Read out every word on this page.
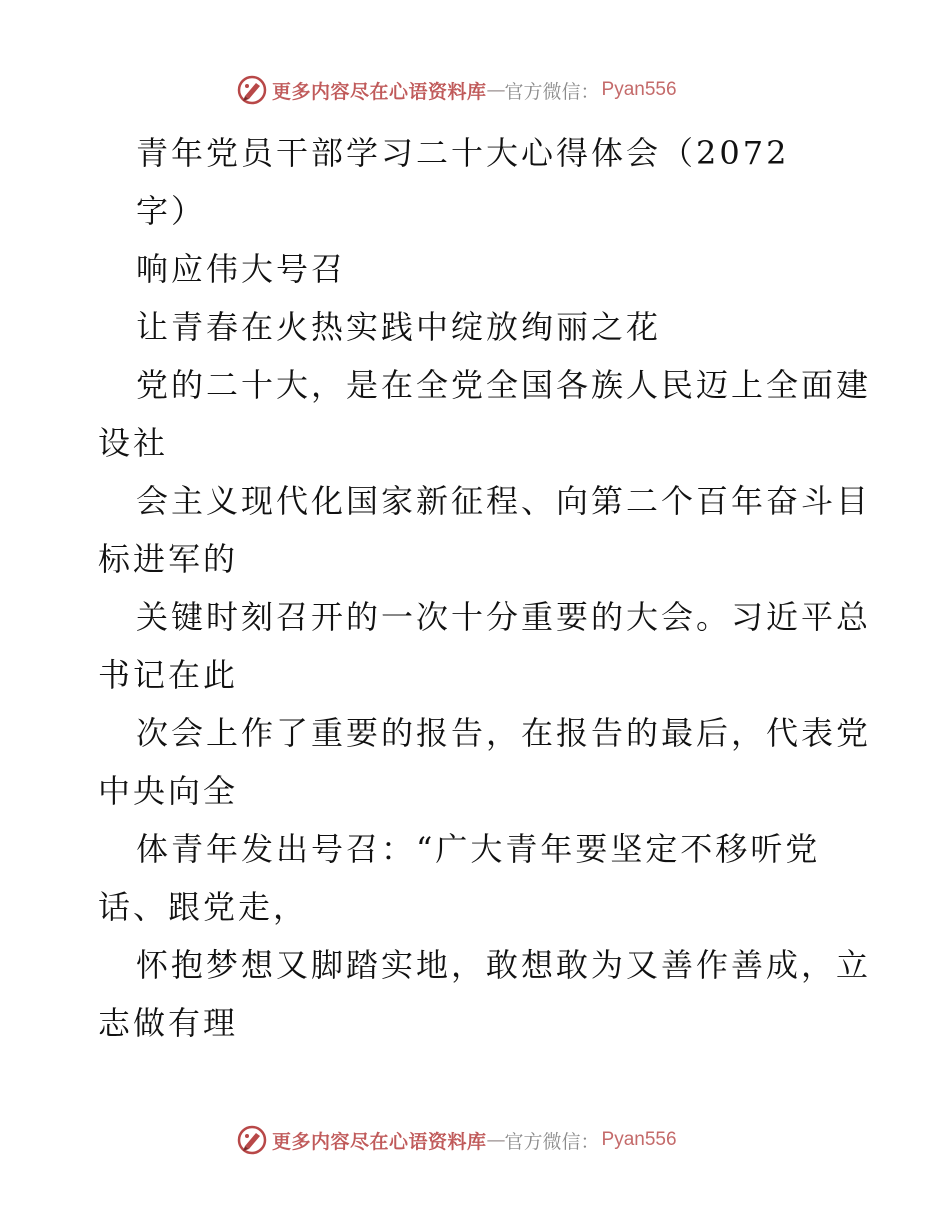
更多内容尽在心语资料库 — 官方微信： Pyan556
青年党员干部学习二十大心得体会（2072
字）
响应伟大号召
让青春在火热实践中绽放绚丽之花
党的二十大，是在全党全国各族人民迈上全面建
设社
会主义现代化国家新征程、向第二个百年奋斗目
标进军的
关键时刻召开的一次十分重要的大会。习近平总
书记在此
次会上作了重要的报告，在报告的最后，代表党
中央向全
体青年发出号召：“广大青年要坚定不移听党
话、跟党走，
怀抱梦想又脚踏实地，敢想敢为又善作善成，立
志做有理
更多内容尽在心语资料库 — 官方微信： Pyan556
